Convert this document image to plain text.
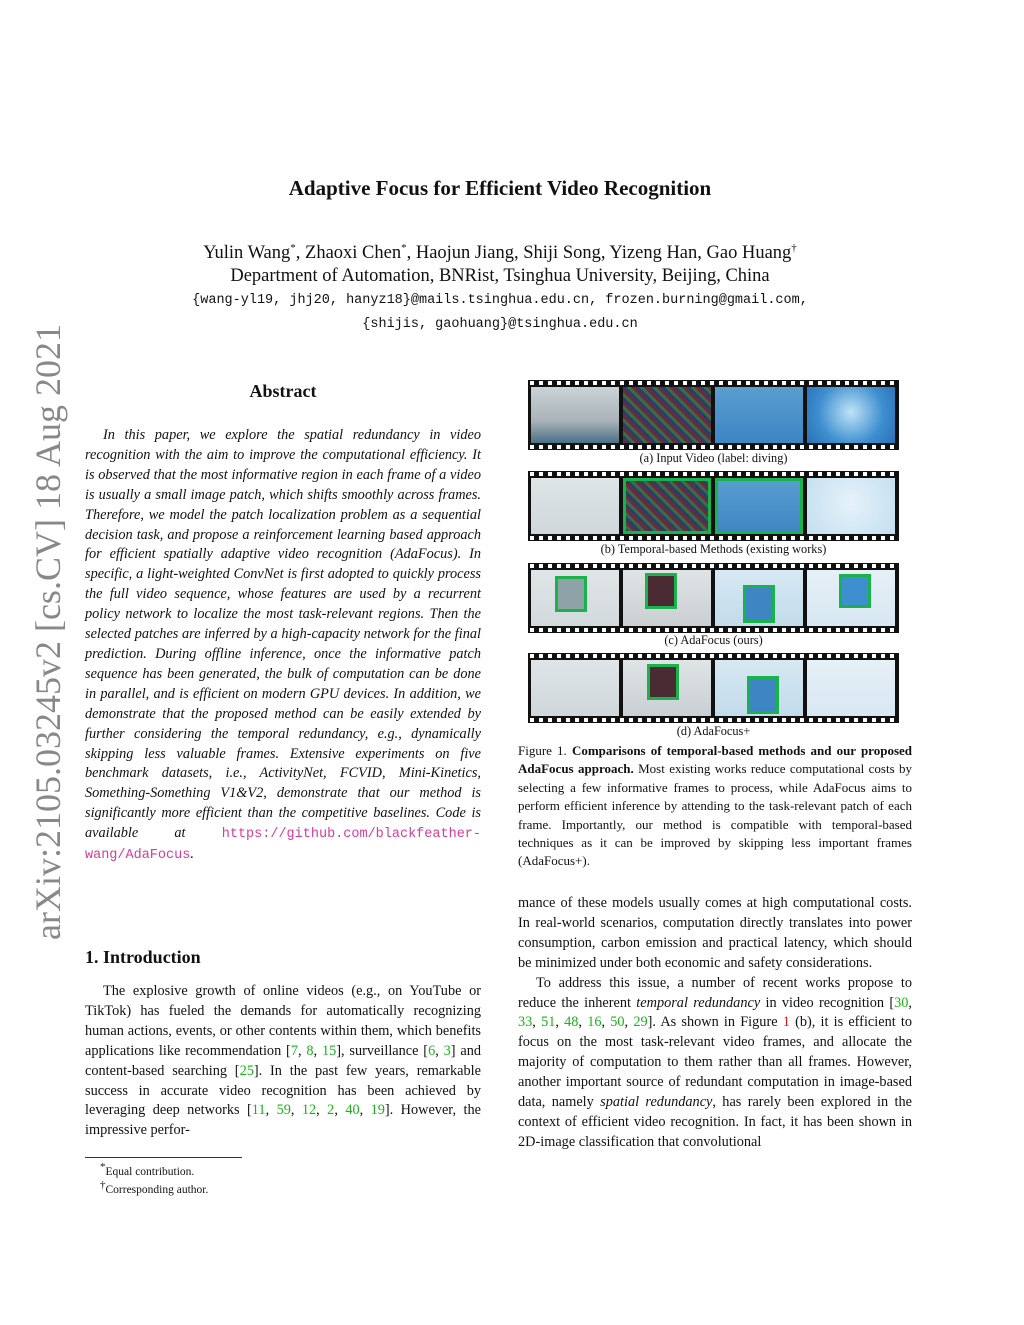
arXiv:2105.03245v2 [cs.CV] 18 Aug 2021
Adaptive Focus for Efficient Video Recognition
Yulin Wang*, Zhaoxi Chen*, Haojun Jiang, Shiji Song, Yizeng Han, Gao Huang†
Department of Automation, BNRist, Tsinghua University, Beijing, China
{wang-yl19, jhj20, hanyz18}@mails.tsinghua.edu.cn, frozen.burning@gmail.com,
{shijis, gaohuang}@tsinghua.edu.cn
Abstract
In this paper, we explore the spatial redundancy in video recognition with the aim to improve the computational efficiency. It is observed that the most informative region in each frame of a video is usually a small image patch, which shifts smoothly across frames. Therefore, we model the patch localization problem as a sequential decision task, and propose a reinforcement learning based approach for efficient spatially adaptive video recognition (AdaFocus). In specific, a light-weighted ConvNet is first adopted to quickly process the full video sequence, whose features are used by a recurrent policy network to localize the most task-relevant regions. Then the selected patches are inferred by a high-capacity network for the final prediction. During offline inference, once the informative patch sequence has been generated, the bulk of computation can be done in parallel, and is efficient on modern GPU devices. In addition, we demonstrate that the proposed method can be easily extended by further considering the temporal redundancy, e.g., dynamically skipping less valuable frames. Extensive experiments on five benchmark datasets, i.e., ActivityNet, FCVID, Mini-Kinetics, Something-Something V1&V2, demonstrate that our method is significantly more efficient than the competitive baselines. Code is available at	https://github.com/blackfeather-wang/AdaFocus.
1. Introduction
The explosive growth of online videos (e.g., on YouTube or TikTok) has fueled the demands for automatically recognizing human actions, events, or other contents within them, which benefits applications like recommendation [7, 8, 15], surveillance [6, 3] and content-based searching [25]. In the past few years, remarkable success in accurate video recognition has been achieved by leveraging deep networks [11, 59, 12, 2, 40, 19]. However, the impressive perfor-
*Equal contribution.
†Corresponding author.
(a) Input Video (label: diving)
(b) Temporal-based Methods (existing works)
(c) AdaFocus (ours)
(d) AdaFocus+
Figure 1. Comparisons of temporal-based methods and our proposed AdaFocus approach. Most existing works reduce computational costs by selecting a few informative frames to process, while AdaFocus aims to perform efficient inference by attending to the task-relevant patch of each frame. Importantly, our method is compatible with temporal-based techniques as it can be improved by skipping less important frames (AdaFocus+).

mance of these models usually comes at high computational costs. In real-world scenarios, computation directly translates into power consumption, carbon emission and practical latency, which should be minimized under both economic and safety considerations.

To address this issue, a number of recent works propose to reduce the inherent temporal redundancy in video recognition [30, 33, 51, 48, 16, 50, 29]. As shown in Figure 1 (b), it is efficient to focus on the most task-relevant video frames, and allocate the majority of computation to them rather than all frames. However, another important source of redundant computation in image-based data, namely spatial redundancy, has rarely been explored in the context of efficient video recognition. In fact, it has been shown in 2D-image classification that convolutional
